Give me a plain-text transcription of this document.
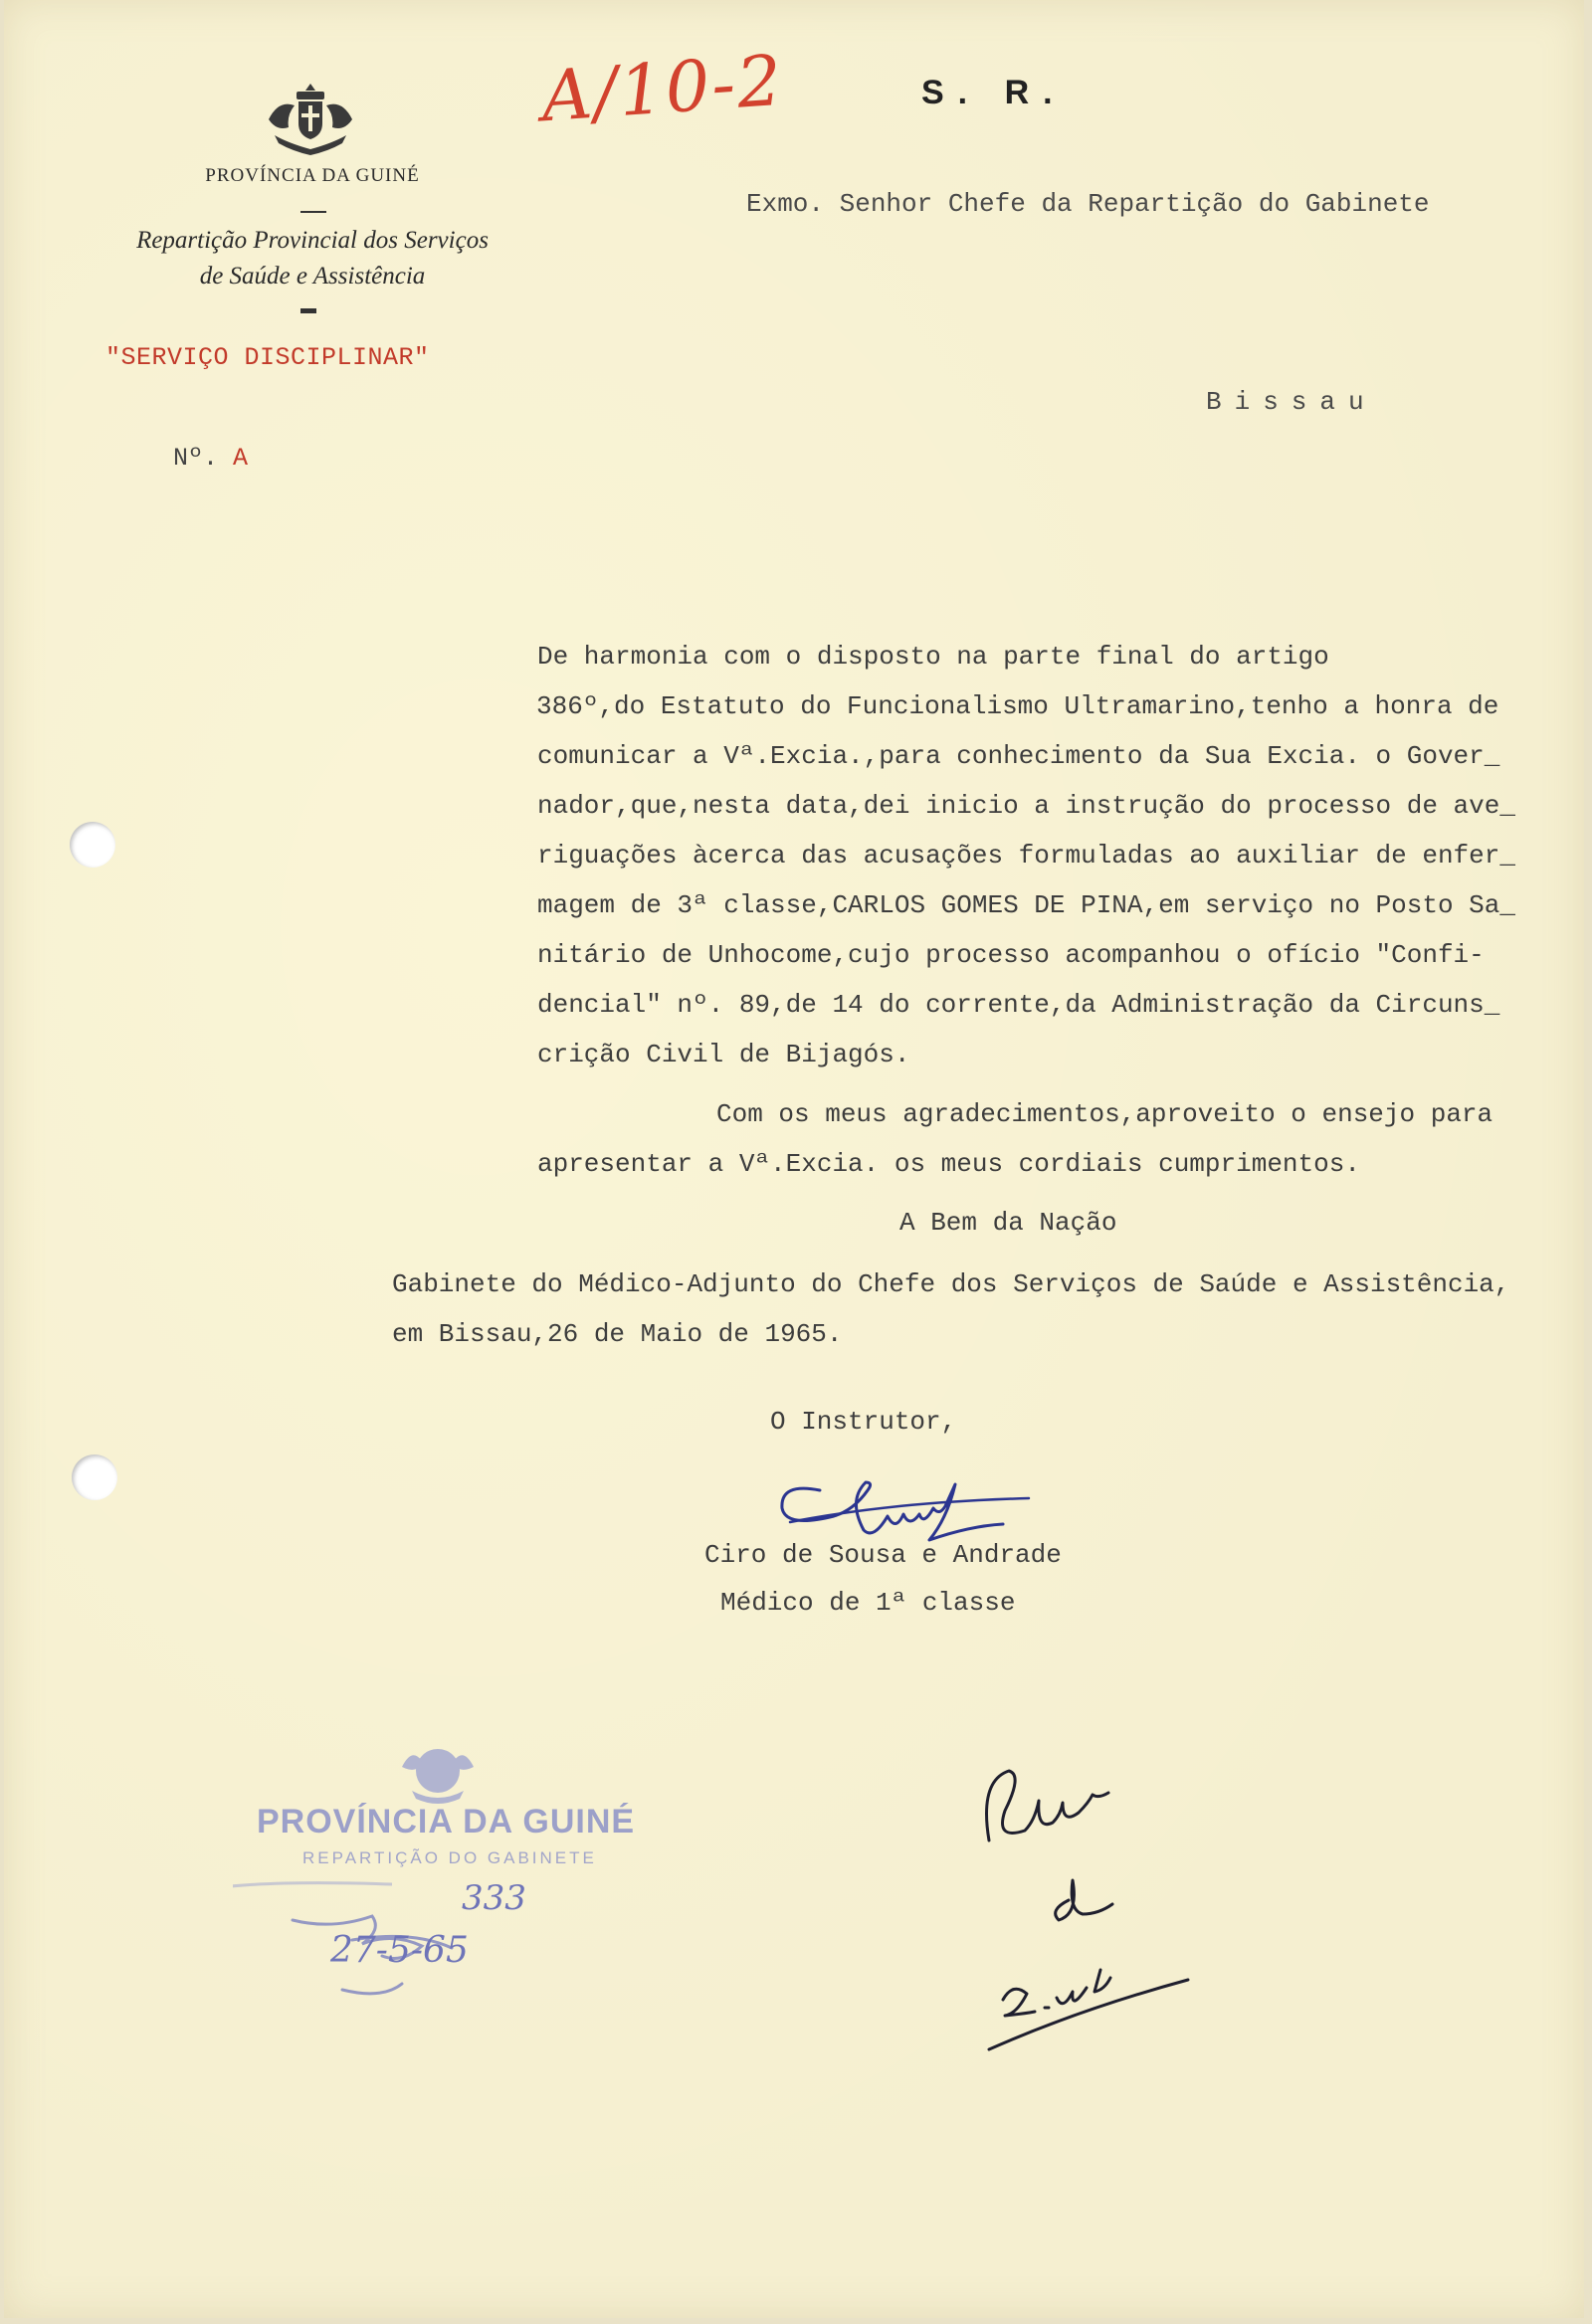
A/10-2	S. R.
PROVÍNCIA DA GUINÉ
Repartição Provincial dos Serviços
de Saúde e Assistência
"SERVIÇO DISCIPLINAR"
Nº. A
Exmo. Senhor Chefe da Repartição do Gabinete
Bissau
De harmonia com o disposto na parte final do artigo
386º,do Estatuto do Funcionalismo Ultramarino,tenho a honra de
comunicar a Vª.Excia.,para conhecimento da Sua Excia. o Gover_
nador,que,nesta data,dei inicio a instrução do processo de ave_
riguações àcerca das acusações formuladas ao auxiliar de enfer_
magem de 3ª classe,CARLOS GOMES DE PINA,em serviço no Posto Sa_
nitário de Unhocome,cujo processo acompanhou o ofício "Confi-
dencial" nº. 89,de 14 do corrente,da Administração da Circuns_
crição Civil de Bijagós.
Com os meus agradecimentos,aproveito o ensejo para
apresentar a Vª.Excia. os meus cordiais cumprimentos.
A Bem da Nação
Gabinete do Médico-Adjunto do Chefe dos Serviços de Saúde e Assistência,
em Bissau,26 de Maio de 1965.
O Instrutor,
Ciro de Sousa e Andrade
Médico de 1ª classe
PROVÍNCIA DA GUINÉ
REPARTIÇÃO DO GABINETE
333
27-5-65
